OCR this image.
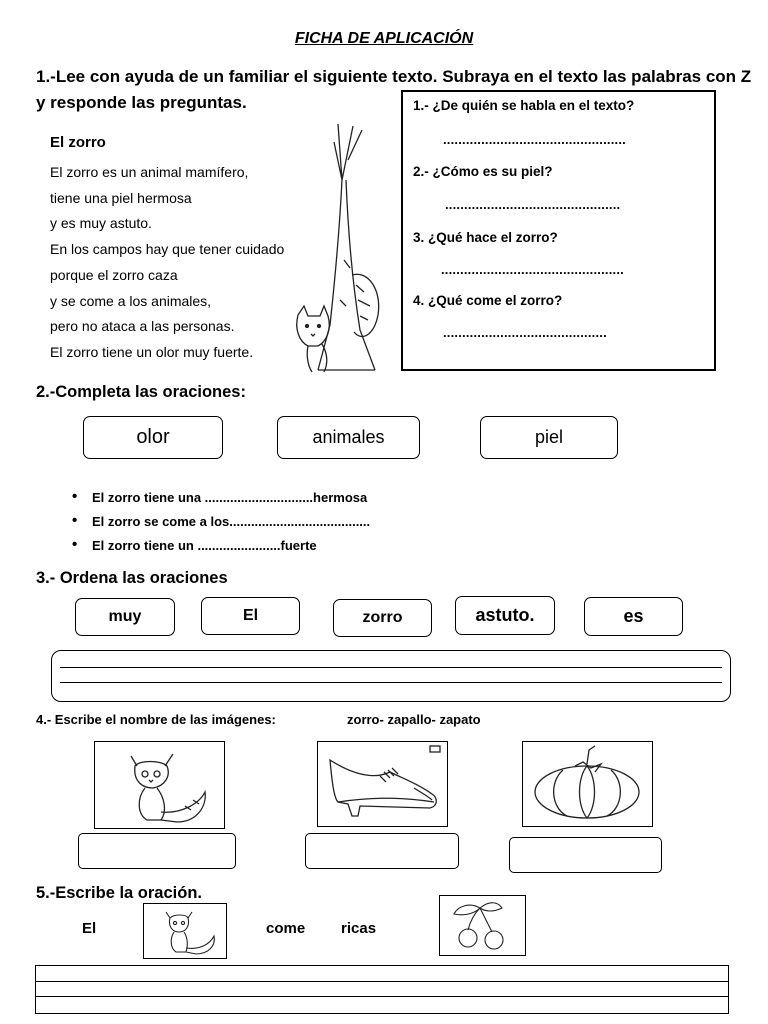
FICHA DE APLICACIÓN
1.-Lee con ayuda de un familiar el siguiente texto. Subraya en el texto las palabras con Z y responde las preguntas.
El zorro
El zorro es un animal mamífero,
tiene una piel hermosa
y es muy astuto.
En los campos hay que tener cuidado
porque el zorro caza
y se come a los animales,
pero no ataca a las personas.
El zorro tiene un olor muy fuerte.
1.- ¿De quién se habla en el texto?
................................................
2.- ¿Cómo es su piel?
..............................................
3. ¿Qué hace el zorro?
................................................
4. ¿Qué come el zorro?
...........................................
2.-Completa las oraciones:
olor	animales	piel
• El zorro tiene una ..............................hermosa
• El zorro se come a los.......................................
• El zorro tiene un .......................fuerte
3.- Ordena las oraciones
muy	El	zorro	astuto.	es
4.- Escribe el nombre de las imágenes:	zorro- zapallo- zapato
5.-Escribe la oración.
El	come ricas
